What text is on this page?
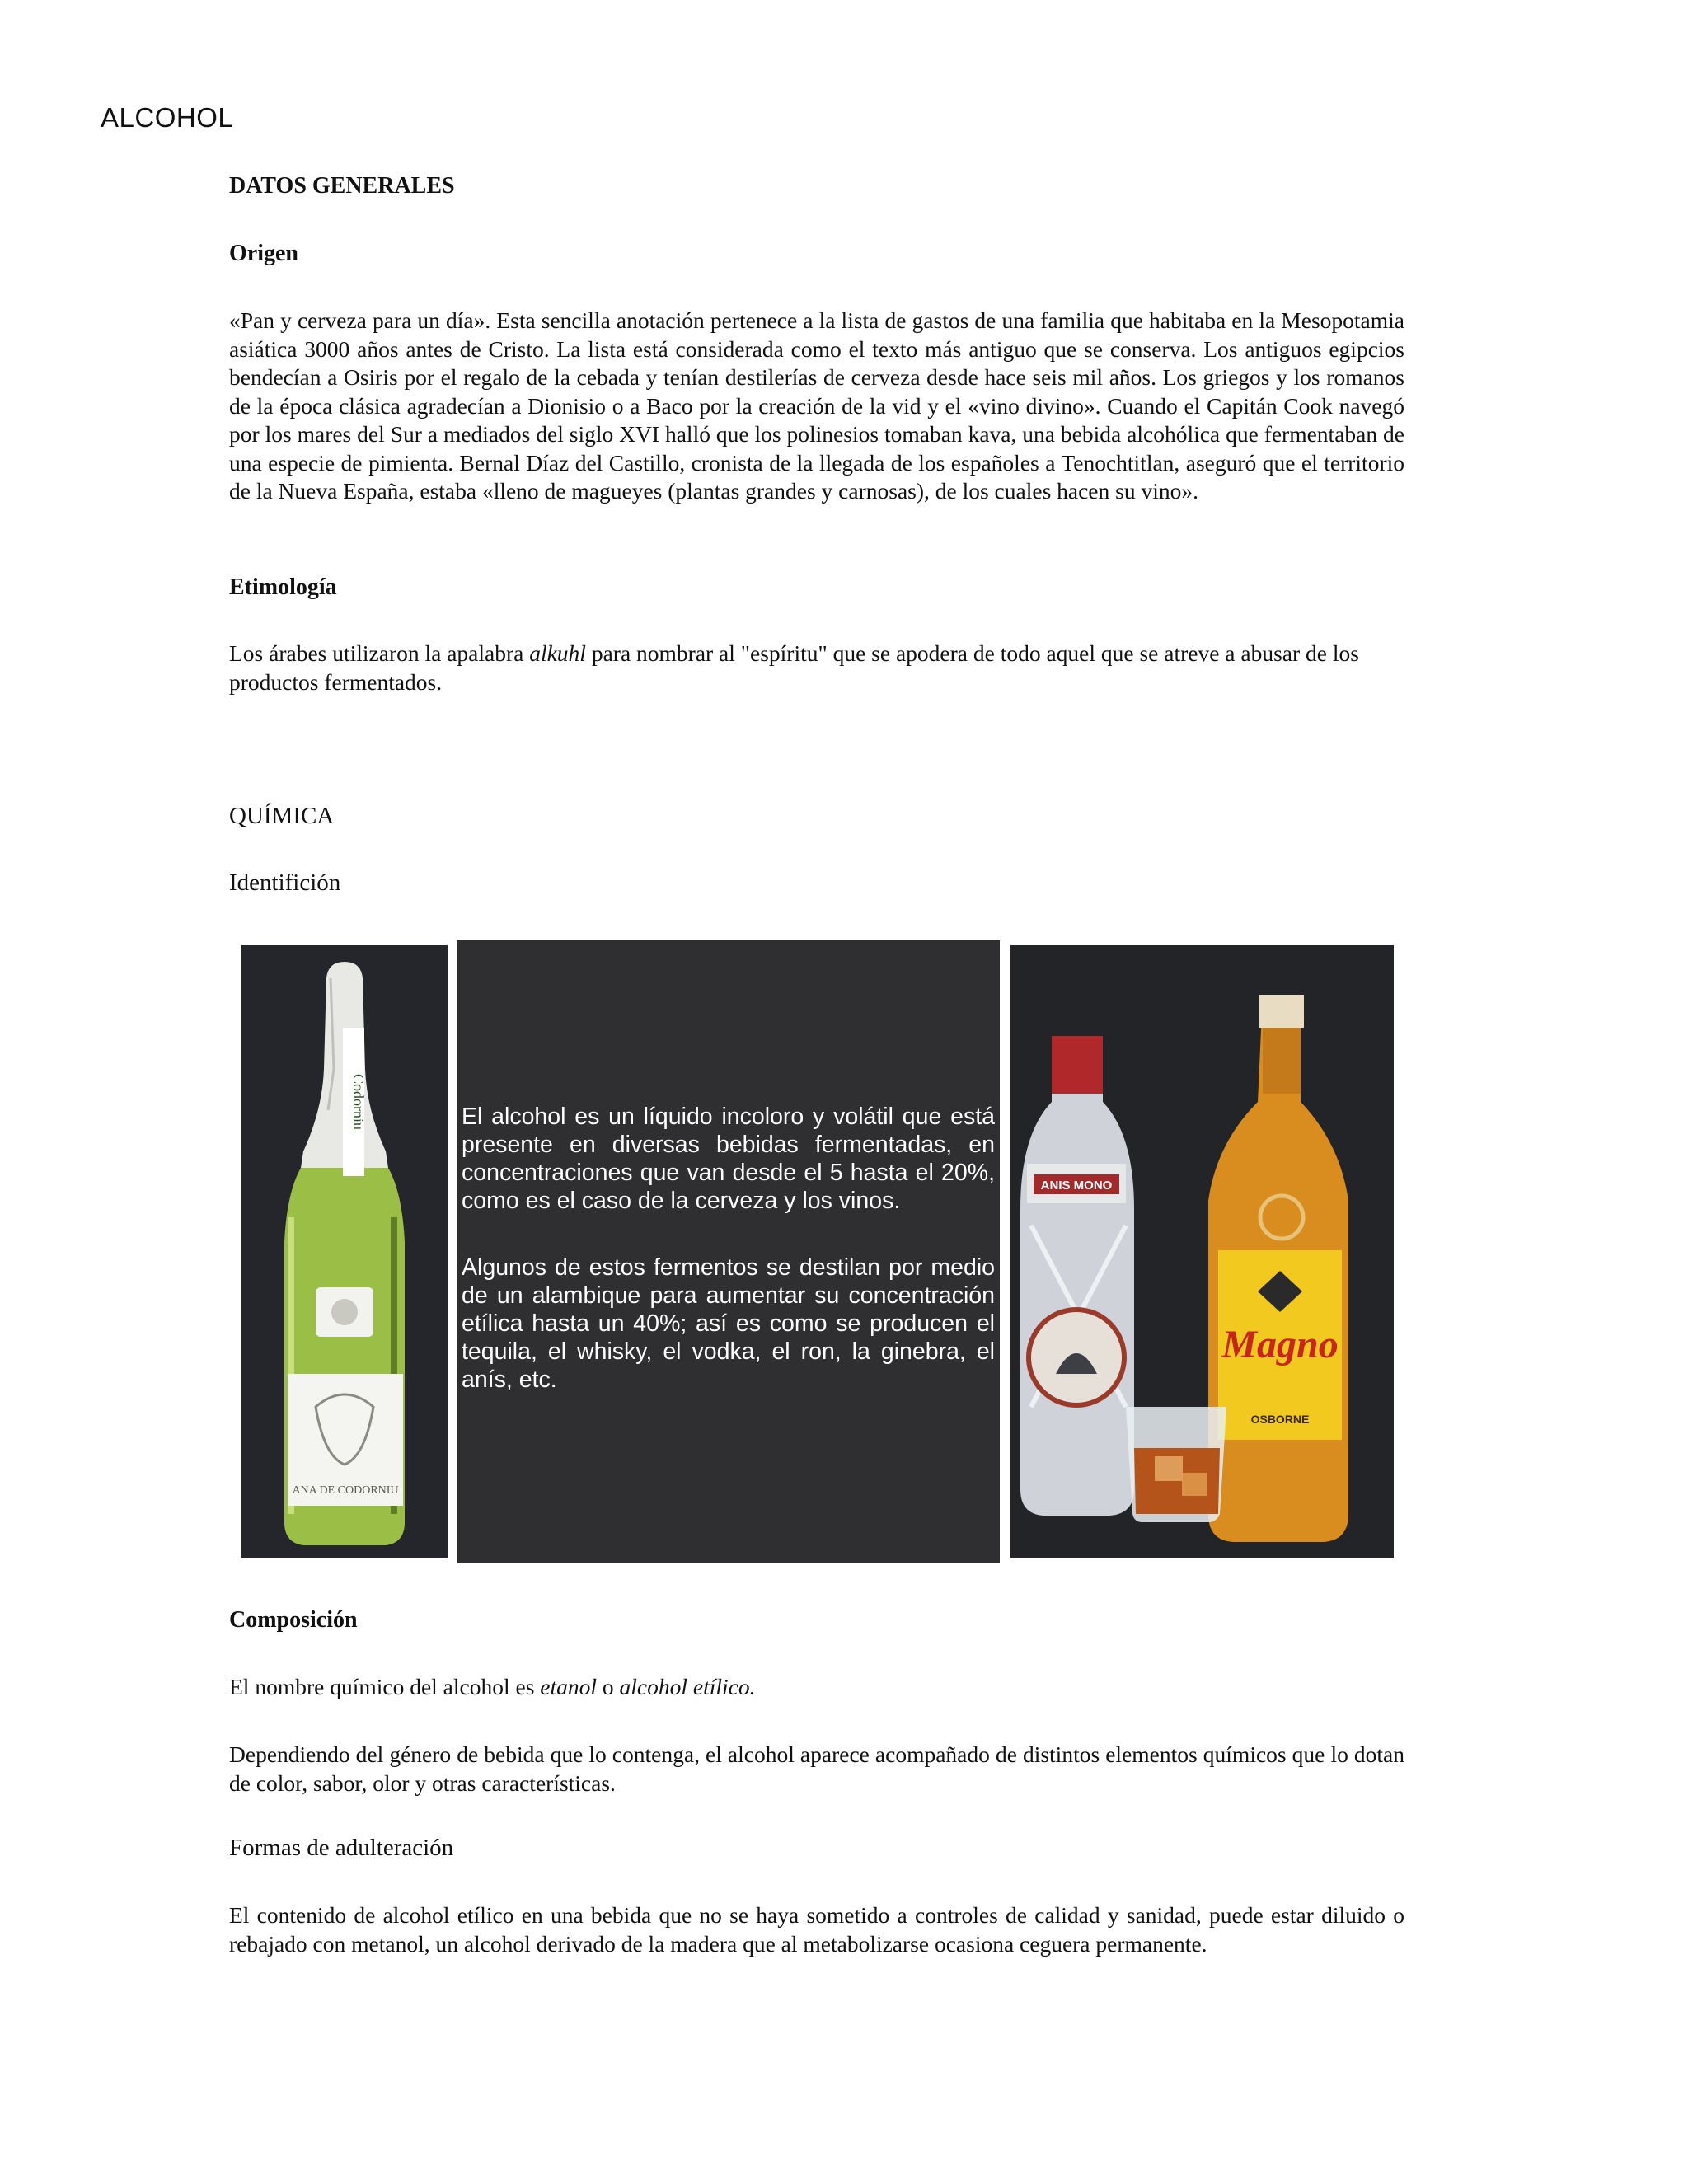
ALCOHOL

DATOS GENERALES

Origen

«Pan y cerveza para un día». Esta sencilla anotación pertenece a la lista de gastos de una familia que habitaba en la Mesopotamia asiática 3000 años antes de Cristo. La lista está considerada como el texto más antiguo que se conserva. Los antiguos egipcios bendecían a Osiris por el regalo de la cebada y tenían destilerías de cerveza desde hace seis mil años. Los griegos y los romanos de la época clásica agradecían a Dionisio o a Baco por la creación de la vid y el «vino divino». Cuando el Capitán Cook navegó por los mares del Sur a mediados del siglo XVI halló que los polinesios tomaban kava, una bebida alcohólica que fermentaban de una especie de pimienta. Bernal Díaz del Castillo, cronista de la llegada de los españoles a Tenochtitlan, aseguró que el territorio de la Nueva España, estaba «lleno de magueyes (plantas grandes y carnosas), de los cuales hacen su vino».

Etimología

Los árabes utilizaron la apalabra alkuhl para nombrar al "espíritu" que se apodera de todo aquel que se atreve a abusar de los productos fermentados.

QUÍMICA

Identifición

Composición

El nombre químico del alcohol es etanol o alcohol etílico.

Dependiendo del género de bebida que lo contenga, el alcohol aparece acompañado de distintos elementos químicos que lo dotan de color, sabor, olor y otras características.

Formas de adulteración

El contenido de alcohol etílico en una bebida que no se haya sometido a controles de calidad y sanidad, puede estar diluido o rebajado con metanol, un alcohol derivado de la madera que al metabolizarse ocasiona ceguera permanente.

Codorniu
ANA DE CODORNIU

El alcohol es un líquido incoloro y volátil que está presente en diversas bebidas fermentadas, en concentraciones que van desde el 5 hasta el 20%, como es el caso de la cerveza y los vinos.

Algunos de estos fermentos se destilan por medio de un alambique para aumentar su concentración etílica hasta un 40%; así es como se producen el tequila, el whisky, el vodka, el ron, la ginebra, el anís, etc.

ANIS MONO
Magno
OSBORNE
